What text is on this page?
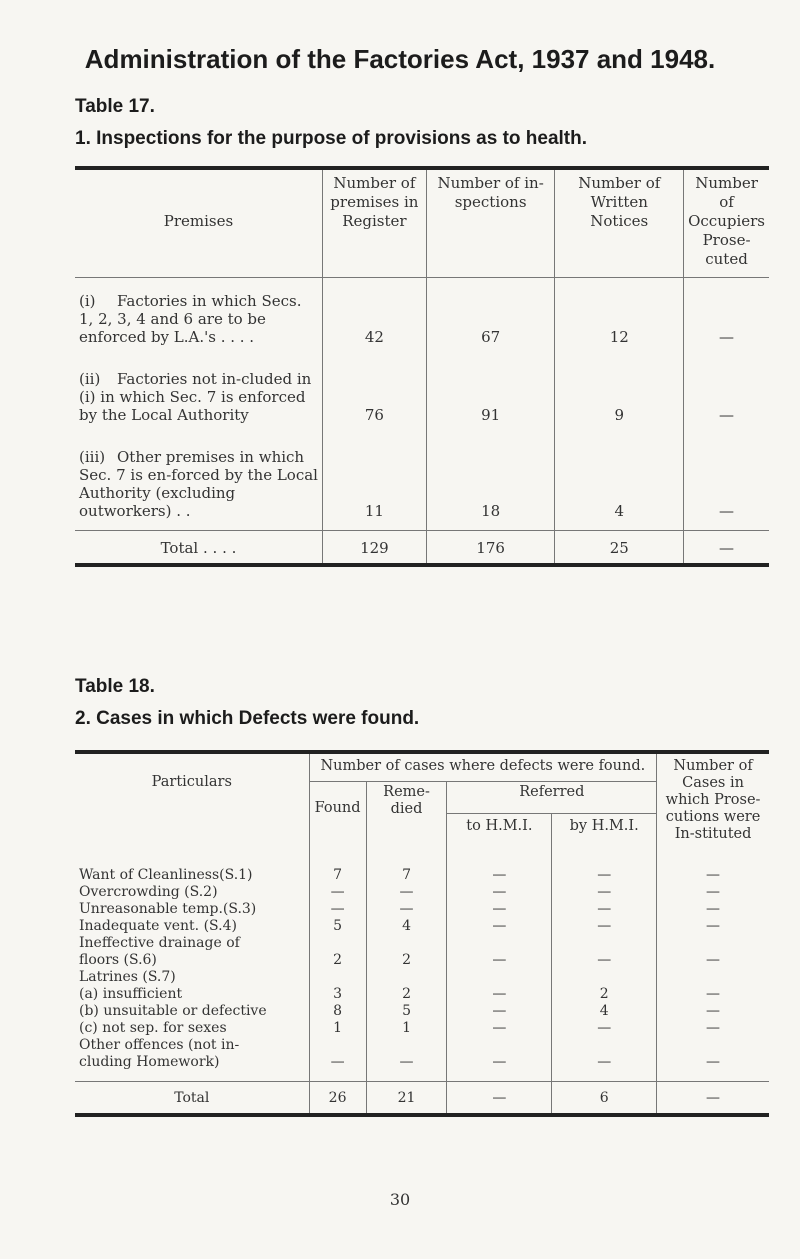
Administration of the Factories Act, 1937 and 1948.
Table 17.
1. Inspections for the purpose of provisions as to health.
Premises	Number of premises in Register	Number of in-spections	Number of Written Notices	Number of Occupiers Prose-cuted
(i) Factories in which Secs. 1, 2, 3, 4 and 6 are to be enforced by L.A.'s . . . .	42	67	12	—
(ii) Factories not in-cluded in (i) in which Sec. 7 is enforced by the Local Authority	76	91	9	—
(iii) Other premises in which Sec. 7 is en-forced by the Local Authority (excluding outworkers) . .	11	18	4	—
Total . . . .	129	176	25	—
Table 18.
2. Cases in which Defects were found.
Particulars	Number of cases where defects were found.				Number of Cases in which Prose-cutions were In-stituted
	Found	Reme-died	Referred		
			to H.M.I.	by H.M.I.	
Want of Cleanliness(S.1)	7	7	—	—	—
Overcrowding (S.2)	—	—	—	—	—
Unreasonable temp.(S.3)	—	—	—	—	—
Inadequate vent. (S.4)	5	4	—	—	—
Ineffective drainage of					
floors (S.6)	2	2	—	—	—
Latrines (S.7)					
(a) insufficient	3	2	—	2	—
(b) unsuitable or defective	8	5	—	4	—
(c) not sep. for sexes	1	1	—	—	—
Other offences (not in-					
cluding Homework)	—	—	—	—	—
Total	26	21	—	6	—
30
